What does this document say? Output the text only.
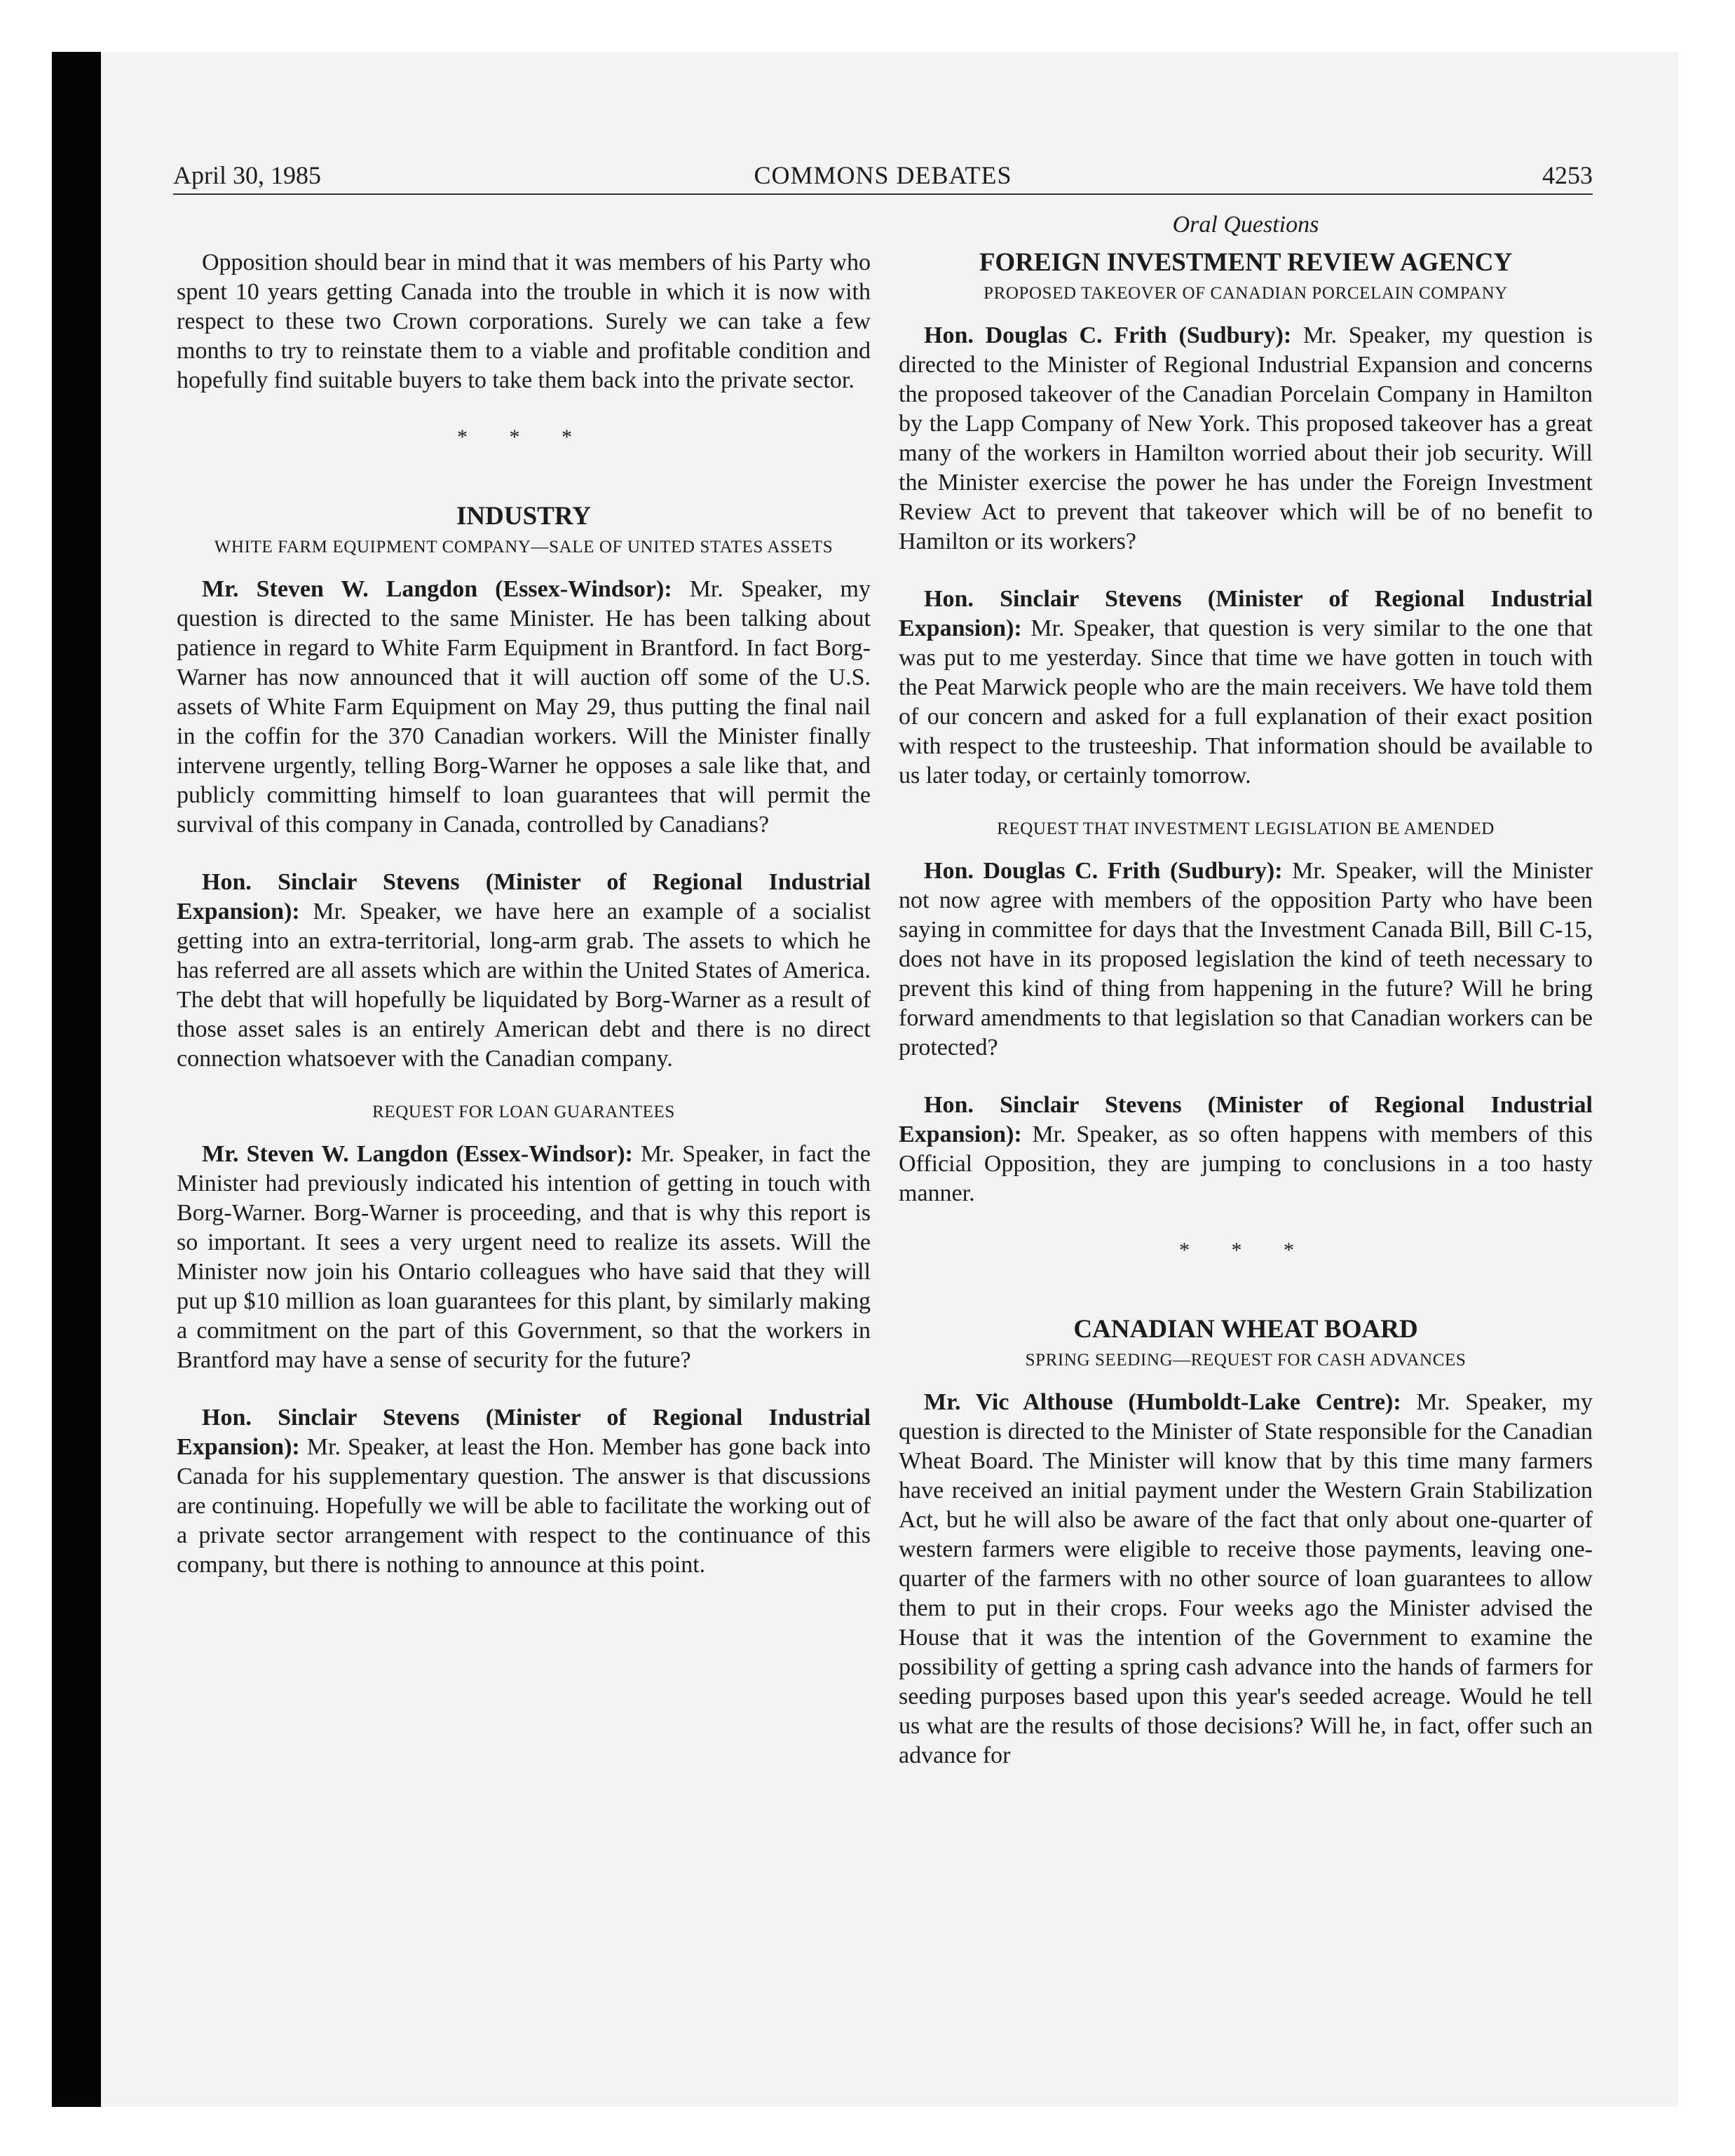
April 30, 1985	COMMONS DEBATES	4253

Opposition should bear in mind that it was members of his Party who spent 10 years getting Canada into the trouble in which it is now with respect to these two Crown corporations. Surely we can take a few months to try to reinstate them to a viable and profitable condition and hopefully find suitable buyers to take them back into the private sector.

* * *
INDUSTRY
WHITE FARM EQUIPMENT COMPANY—SALE OF UNITED STATES ASSETS

Mr. Steven W. Langdon (Essex-Windsor): Mr. Speaker, my question is directed to the same Minister. He has been talking about patience in regard to White Farm Equipment in Brantford. In fact Borg-Warner has now announced that it will auction off some of the U.S. assets of White Farm Equipment on May 29, thus putting the final nail in the coffin for the 370 Canadian workers. Will the Minister finally intervene urgently, telling Borg-Warner he opposes a sale like that, and publicly committing himself to loan guarantees that will permit the survival of this company in Canada, controlled by Canadians?

Hon. Sinclair Stevens (Minister of Regional Industrial Expansion): Mr. Speaker, we have here an example of a socialist getting into an extra-territorial, long-arm grab. The assets to which he has referred are all assets which are within the United States of America. The debt that will hopefully be liquidated by Borg-Warner as a result of those asset sales is an entirely American debt and there is no direct connection whatsoever with the Canadian company.

REQUEST FOR LOAN GUARANTEES

Mr. Steven W. Langdon (Essex-Windsor): Mr. Speaker, in fact the Minister had previously indicated his intention of getting in touch with Borg-Warner. Borg-Warner is proceeding, and that is why this report is so important. It sees a very urgent need to realize its assets. Will the Minister now join his Ontario colleagues who have said that they will put up $10 million as loan guarantees for this plant, by similarly making a commitment on the part of this Government, so that the workers in Brantford may have a sense of security for the future?

Hon. Sinclair Stevens (Minister of Regional Industrial Expansion): Mr. Speaker, at least the Hon. Member has gone back into Canada for his supplementary question. The answer is that discussions are continuing. Hopefully we will be able to facilitate the working out of a private sector arrangement with respect to the continuance of this company, but there is nothing to announce at this point.

Oral Questions
FOREIGN INVESTMENT REVIEW AGENCY
PROPOSED TAKEOVER OF CANADIAN PORCELAIN COMPANY

Hon. Douglas C. Frith (Sudbury): Mr. Speaker, my question is directed to the Minister of Regional Industrial Expansion and concerns the proposed takeover of the Canadian Porcelain Company in Hamilton by the Lapp Company of New York. This proposed takeover has a great many of the workers in Hamilton worried about their job security. Will the Minister exercise the power he has under the Foreign Investment Review Act to prevent that takeover which will be of no benefit to Hamilton or its workers?

Hon. Sinclair Stevens (Minister of Regional Industrial Expansion): Mr. Speaker, that question is very similar to the one that was put to me yesterday. Since that time we have gotten in touch with the Peat Marwick people who are the main receivers. We have told them of our concern and asked for a full explanation of their exact position with respect to the trusteeship. That information should be available to us later today, or certainly tomorrow.

REQUEST THAT INVESTMENT LEGISLATION BE AMENDED

Hon. Douglas C. Frith (Sudbury): Mr. Speaker, will the Minister not now agree with members of the opposition Party who have been saying in committee for days that the Investment Canada Bill, Bill C-15, does not have in its proposed legislation the kind of teeth necessary to prevent this kind of thing from happening in the future? Will he bring forward amendments to that legislation so that Canadian workers can be protected?

Hon. Sinclair Stevens (Minister of Regional Industrial Expansion): Mr. Speaker, as so often happens with members of this Official Opposition, they are jumping to conclusions in a too hasty manner.

* * *
CANADIAN WHEAT BOARD
SPRING SEEDING—REQUEST FOR CASH ADVANCES

Mr. Vic Althouse (Humboldt-Lake Centre): Mr. Speaker, my question is directed to the Minister of State responsible for the Canadian Wheat Board. The Minister will know that by this time many farmers have received an initial payment under the Western Grain Stabilization Act, but he will also be aware of the fact that only about one-quarter of western farmers were eligible to receive those payments, leaving one-quarter of the farmers with no other source of loan guarantees to allow them to put in their crops. Four weeks ago the Minister advised the House that it was the intention of the Government to examine the possibility of getting a spring cash advance into the hands of farmers for seeding purposes based upon this year's seeded acreage. Would he tell us what are the results of those decisions? Will he, in fact, offer such an advance for
